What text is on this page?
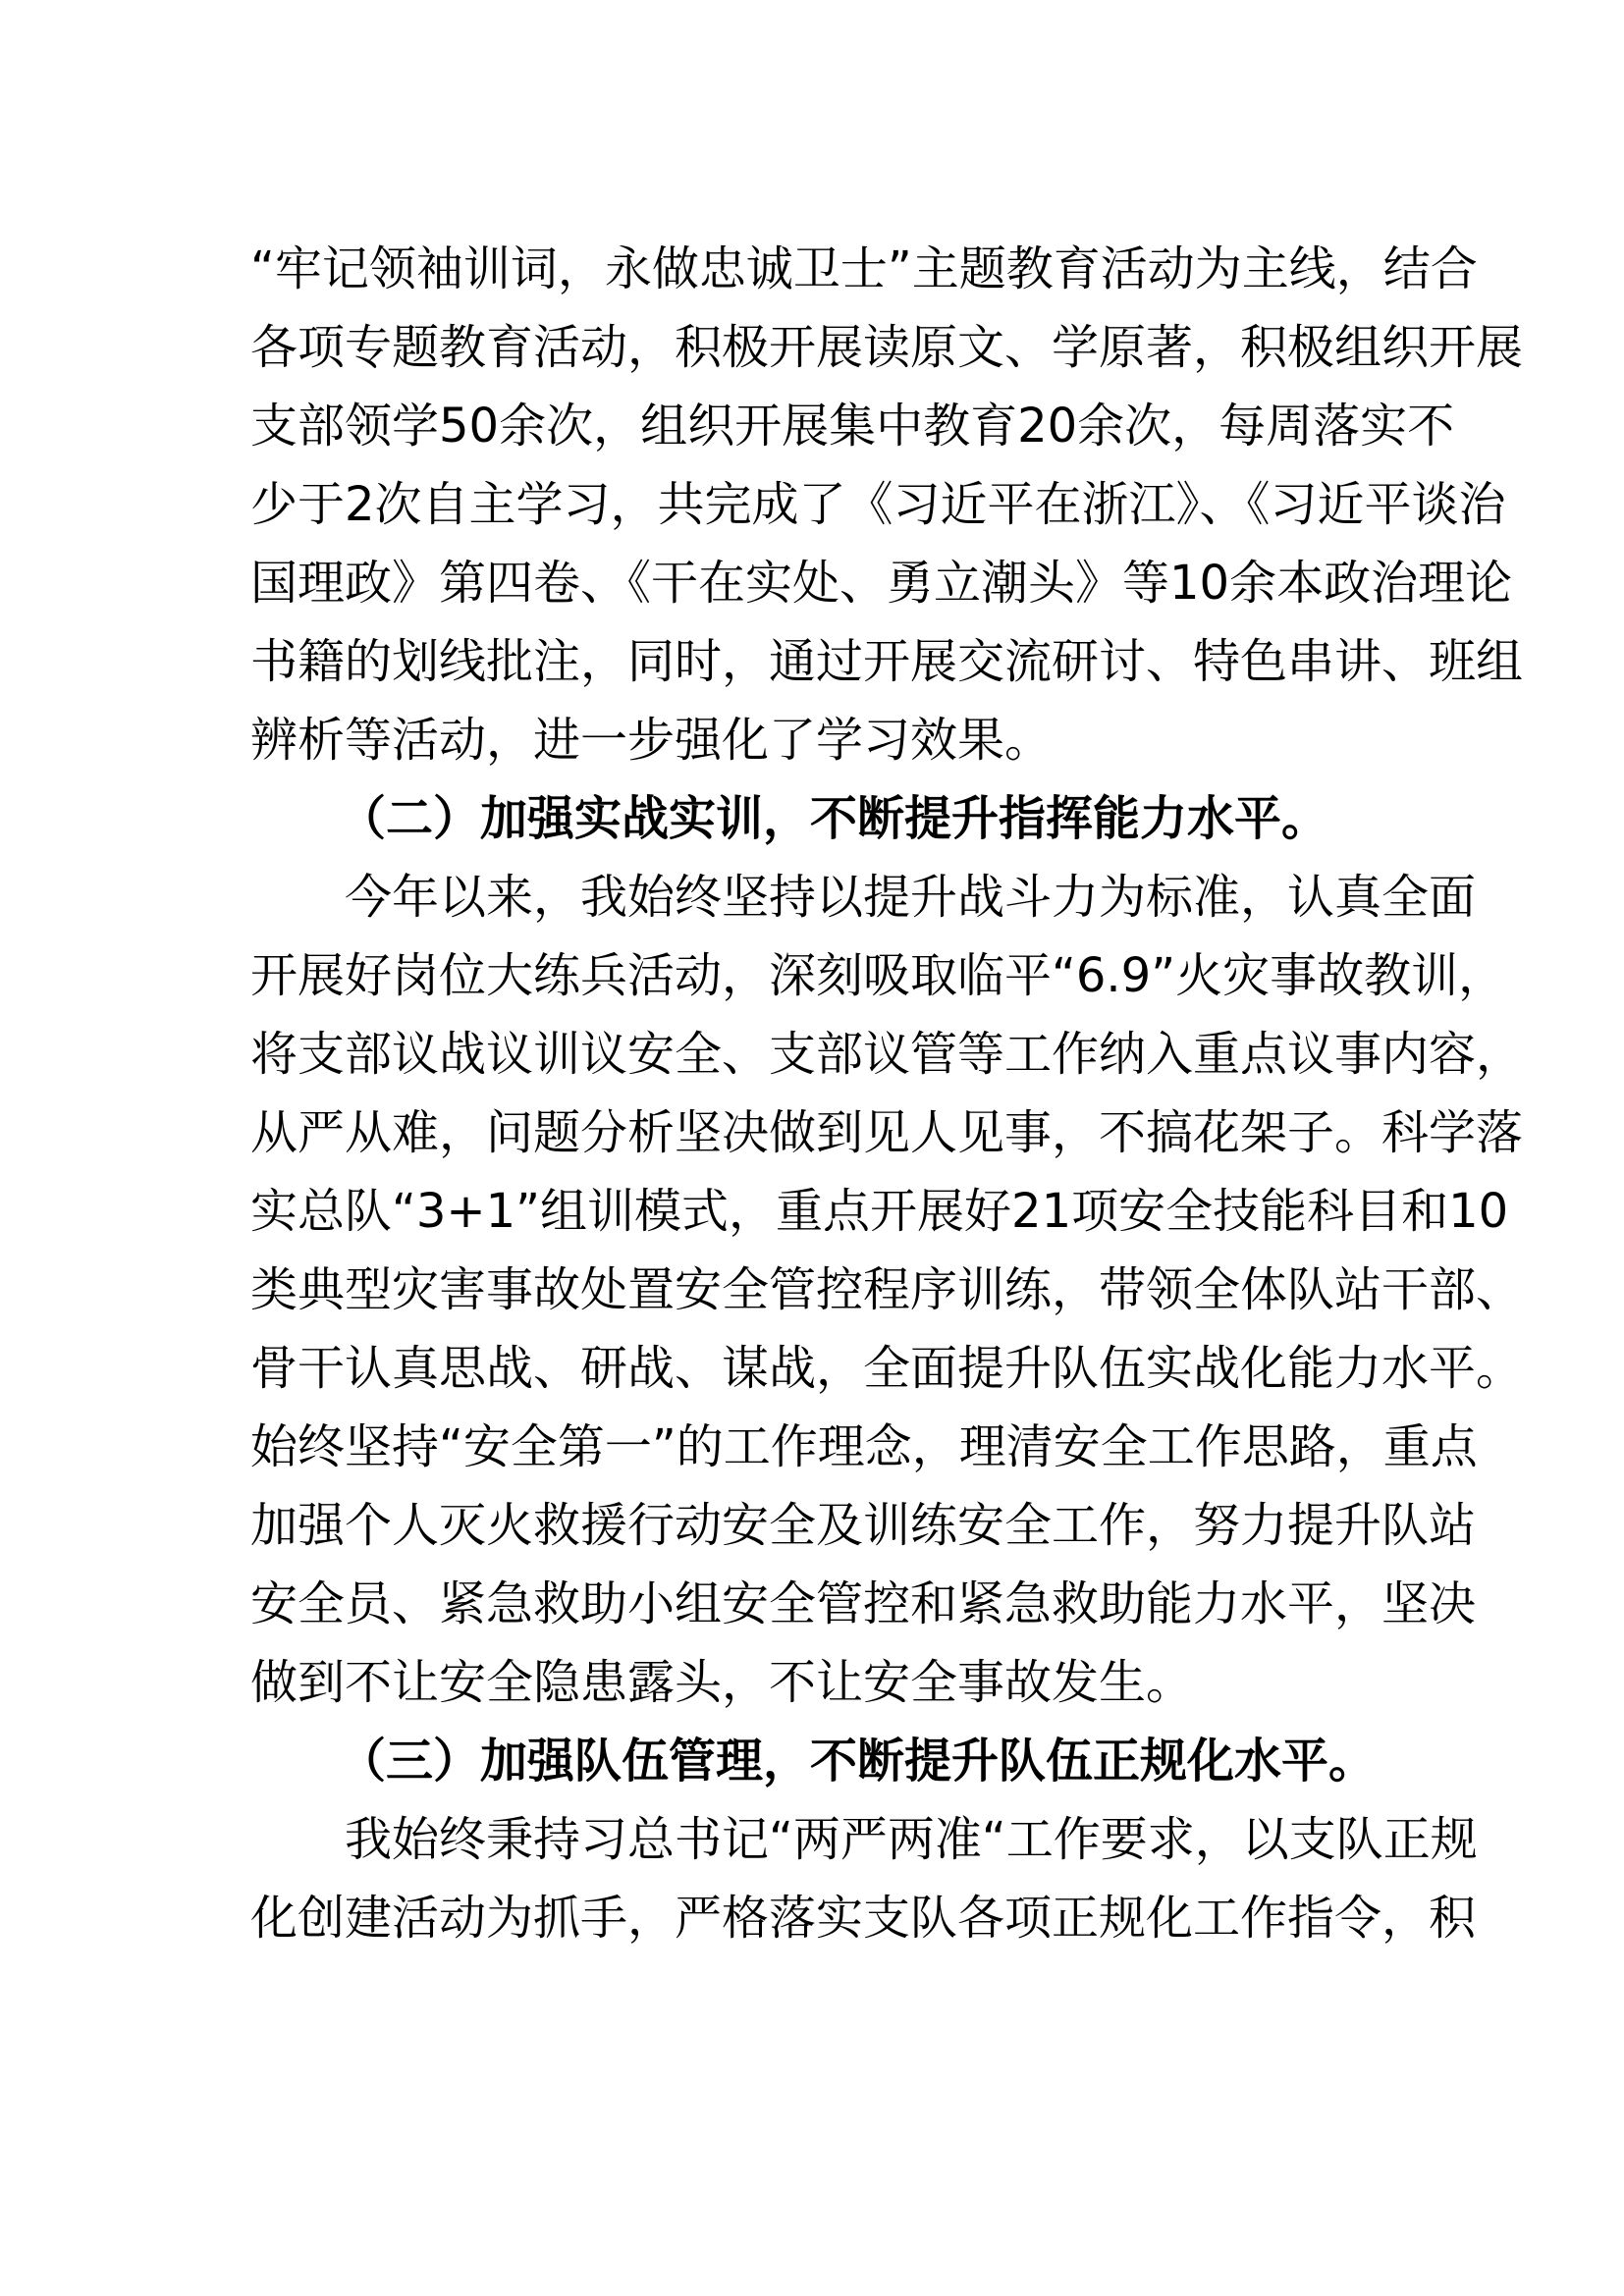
“牢记领袖训词，永做忠诚卫士”主题教育活动为主线，结合
各项专题教育活动，积极开展读原文、学原著，积极组织开展
支部领学50余次，组织开展集中教育20余次，每周落实不
少于2次自主学习，共完成了《习近平在浙江》、《习近平谈治
国理政》第四卷、《干在实处、勇立潮头》等10余本政治理论
书籍的划线批注，同时，通过开展交流研讨、特色串讲、班组
辨析等活动，进一步强化了学习效果。
（二）加强实战实训，不断提升指挥能力水平。
今年以来，我始终坚持以提升战斗力为标准，认真全面
开展好岗位大练兵活动，深刻吸取临平“6.9”火灾事故教训，
将支部议战议训议安全、支部议管等工作纳入重点议事内容，
从严从难，问题分析坚决做到见人见事，不搞花架子。科学落
实总队“3+1”组训模式，重点开展好21项安全技能科目和10
类典型灾害事故处置安全管控程序训练，带领全体队站干部、
骨干认真思战、研战、谋战，全面提升队伍实战化能力水平。
始终坚持“安全第一”的工作理念，理清安全工作思路，重点
加强个人灭火救援行动安全及训练安全工作，努力提升队站
安全员、紧急救助小组安全管控和紧急救助能力水平，坚决
做到不让安全隐患露头，不让安全事故发生。
（三）加强队伍管理，不断提升队伍正规化水平。
我始终秉持习总书记“两严两准“工作要求，以支队正规
化创建活动为抓手，严格落实支队各项正规化工作指令，积
